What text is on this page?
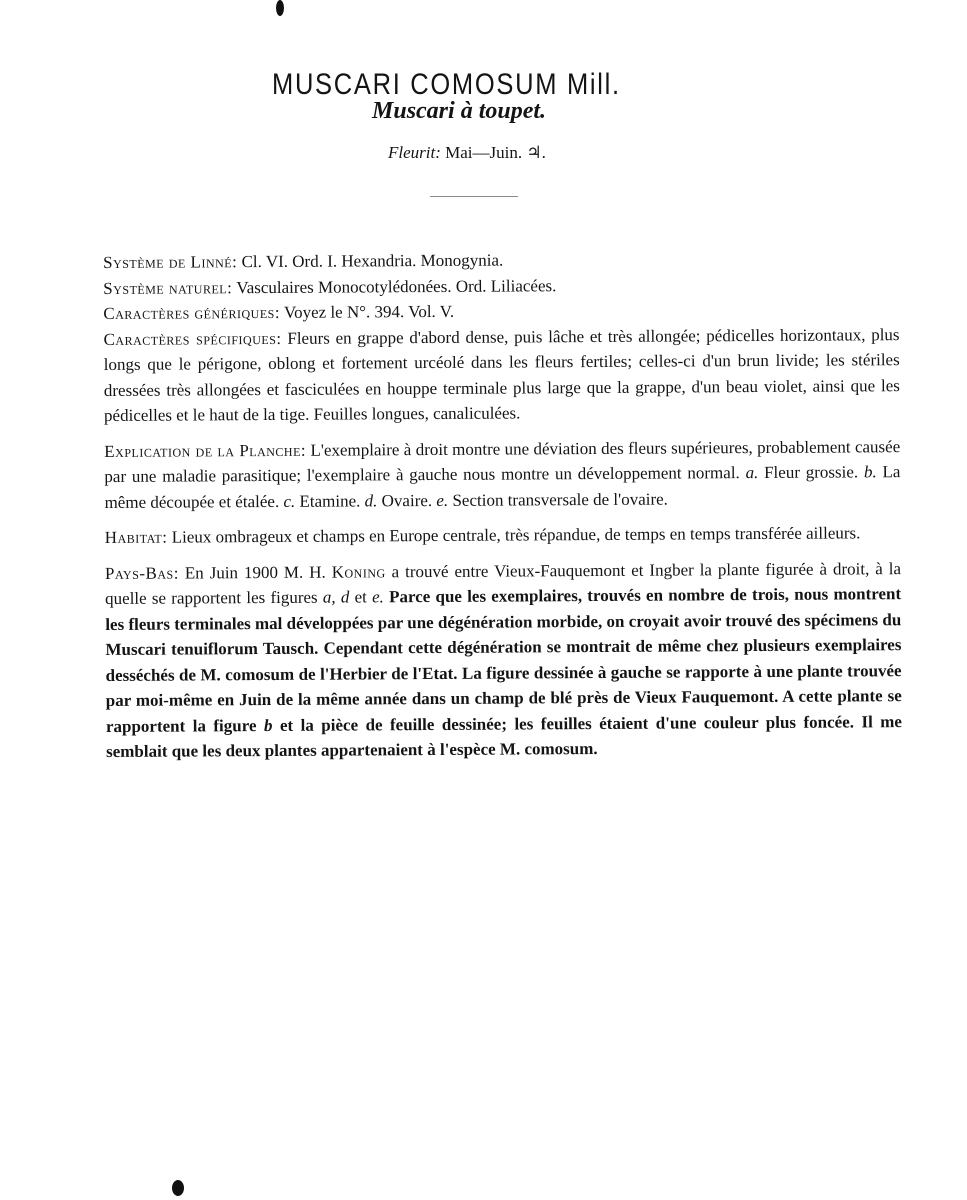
MUSCARI COMOSUM Mill.
Muscari à toupet.
Fleurit: Mai—Juin. ♃.

Système de Linné: Cl. VI. Ord. I. Hexandria. Monogynia.

Système naturel: Vasculaires Monocotylédonées. Ord. Liliacées.

Caractères génériques: Voyez le N°. 394. Vol. V.

Caractères spécifiques: Fleurs en grappe d'abord dense, puis lâche et très allongée; pédicelles horizontaux, plus longs que le périgone, oblong et fortement urcéolé dans les fleurs fertiles; celles-ci d'un brun livide; les stériles dressées très allongées et fasciculées en houppe terminale plus large que la grappe, d'un beau violet, ainsi que les pédicelles et le haut de la tige. Feuilles longues, canaliculées.

Explication de la Planche: L'exemplaire à droit montre une déviation des fleurs supérieures, probablement causée par une maladie parasitique; l'exemplaire à gauche nous montre un développement normal. a. Fleur grossie. b. La même découpée et étalée. c. Etamine. d. Ovaire. e. Section transversale de l'ovaire.

Habitat: Lieux ombrageux et champs en Europe centrale, très répandue, de temps en temps transférée ailleurs.

Pays-Bas: En Juin 1900 M. H. Koning a trouvé entre Vieux-Fauquemont et Ingber la plante figurée à droit, à la quelle se rapportent les figures a, d et e. Parce que les exemplaires, trouvés en nombre de trois, nous montrent les fleurs terminales mal développées par une dégénération morbide, on croyait avoir trouvé des spécimens du Muscari tenuiflorum Tausch. Cependant cette dégénération se montrait de même chez plusieurs exemplaires desséchés de M. comosum de l'Herbier de l'Etat. La figure dessinée à gauche se rapporte à une plante trouvée par moi-même en Juin de la même année dans un champ de blé près de Vieux Fauquemont. A cette plante se rapportent la figure b et la pièce de feuille dessinée; les feuilles étaient d'une couleur plus foncée. Il me semblait que les deux plantes appartenaient à l'espèce M. comosum.
